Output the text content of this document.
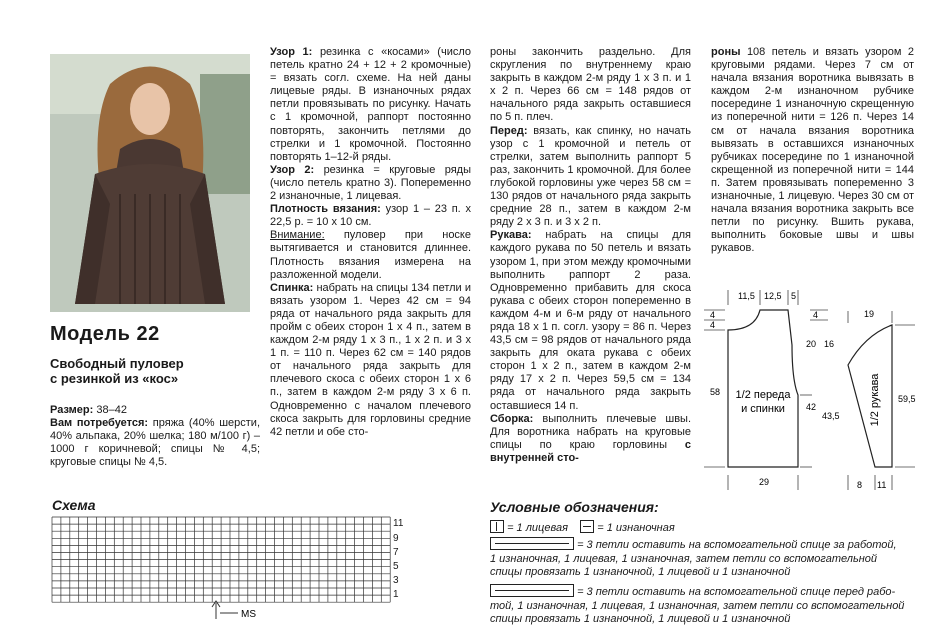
Модель 22
Свободный пуловер
с резинкой из «кос»

Размер: 38–42

Вам потребуется: пряжа (40% шерсти, 40% альпака, 20% шелка; 180 м/100 г) – 1000 г коричневой; спицы № 4,5; круговые спицы № 4,5.

Узор 1: резинка с «косами» (число петель кратно 24 + 12 + 2 кромочные) = вязать согл. схеме. На ней даны лицевые ряды. В изнаночных рядах петли провязывать по рисунку. Начать с 1 кромочной, раппорт постоянно повторять, закончить петлями до стрелки и 1 кромочной. Постоянно повторять 1–12-й ряды.

Узор 2: резинка = круговые ряды (число петель кратно 3). Попеременно 2 изнаночные, 1 лицевая.

Плотность вязания: узор 1 – 23 п. х 22,5 р. = 10 х 10 см.

Внимание: пуловер при носке вытягивается и становится длиннее. Плотность вязания измерена на разложенной модели.

Спинка: набрать на спицы 134 петли и вязать узором 1. Через 42 см = 94 ряда от начального ряда закрыть для пройм с обеих сторон 1 х 4 п., затем в каждом 2-м ряду 1 х 3 п., 1 х 2 п. и 3 х 1 п. = 110 п. Через 62 см = 140 рядов от начального ряда закрыть для плечевого скоса с обеих сторон 1 х 6 п., затем в каждом 2-м ряду 3 х 6 п. Одновременно с началом плечевого скоса закрыть для горловины средние 42 петли и обе сто-

роны закончить раздельно. Для скругления по внутреннему краю закрыть в каждом 2-м ряду 1 х 3 п. и 1 х 2 п. Через 66 см = 148 рядов от начального ряда закрыть оставшиеся по 5 п. плеч.

Перед: вязать, как спинку, но начать узор с 1 кромочной и петель от стрелки, затем выполнить раппорт 5 раз, закончить 1 кромочной. Для более глубокой горловины уже через 58 см = 130 рядов от начального ряда закрыть средние 28 п., затем в каждом 2-м ряду 2 х 3 п. и 3 х 2 п.

Рукава: набрать на спицы для каждого рукава по 50 петель и вязать узором 1, при этом между кромочными выполнить раппорт 2 раза. Одновременно прибавить для скоса рукава с обеих сторон попеременно в каждом 4-м и 6-м ряду от начального ряда 18 х 1 п. согл. узору = 86 п. Через 43,5 см = 98 рядов от начального ряда закрыть для оката рукава с обеих сторон 1 х 2 п., затем в каждом 2-м ряду 17 х 2 п. Через 59,5 см = 134 ряда от начального ряда закрыть оставшиеся 14 п.

Сборка: выполнить плечевые швы. Для воротника набрать на круговые спицы по краю горловины с внутренней сто-

роны 108 петель и вязать узором 2 круговыми рядами. Через 7 см от начала вязания воротника вывязать в каждом 2-м изнаночном рубчике посередине 1 изнаночную скрещенную из поперечной нити = 126 п. Через 14 см от начала вязания воротника вывязать в оставшихся изнаночных рубчиках посередине по 1 изнаночной скрещенной из поперечной нити = 144 п. Затем провязывать попеременно 3 изнаночные, 1 лицевую. Через 30 см от начала вязания воротника закрыть все петли по рисунку. Вшить рукава, выполнить боковые швы и швы рукавов.

11,5 12,5 5
4
4
58
20 16
42
43,5
29
4	19
59,5
8 11
1/2 переда
и спинки	1/2 рукава
Схема
MS
11
9
7
5
3
1
Условные обозначения:
= 1 лицевая	= 1 изнаночная
= 3 петли оставить на вспомогательной спице за работой,
1 изнаночная, 1 лицевая, 1 изнаночная, затем петли со вспомогательной
спицы провязать 1 изнаночной, 1 лицевой и 1 изнаночной
= 3 петли оставить на вспомогательной спице перед рабо-
той, 1 изнаночная, 1 лицевая, 1 изнаночная, затем петли со вспомогательной
спицы провязать 1 изнаночной, 1 лицевой и 1 изнаночной
